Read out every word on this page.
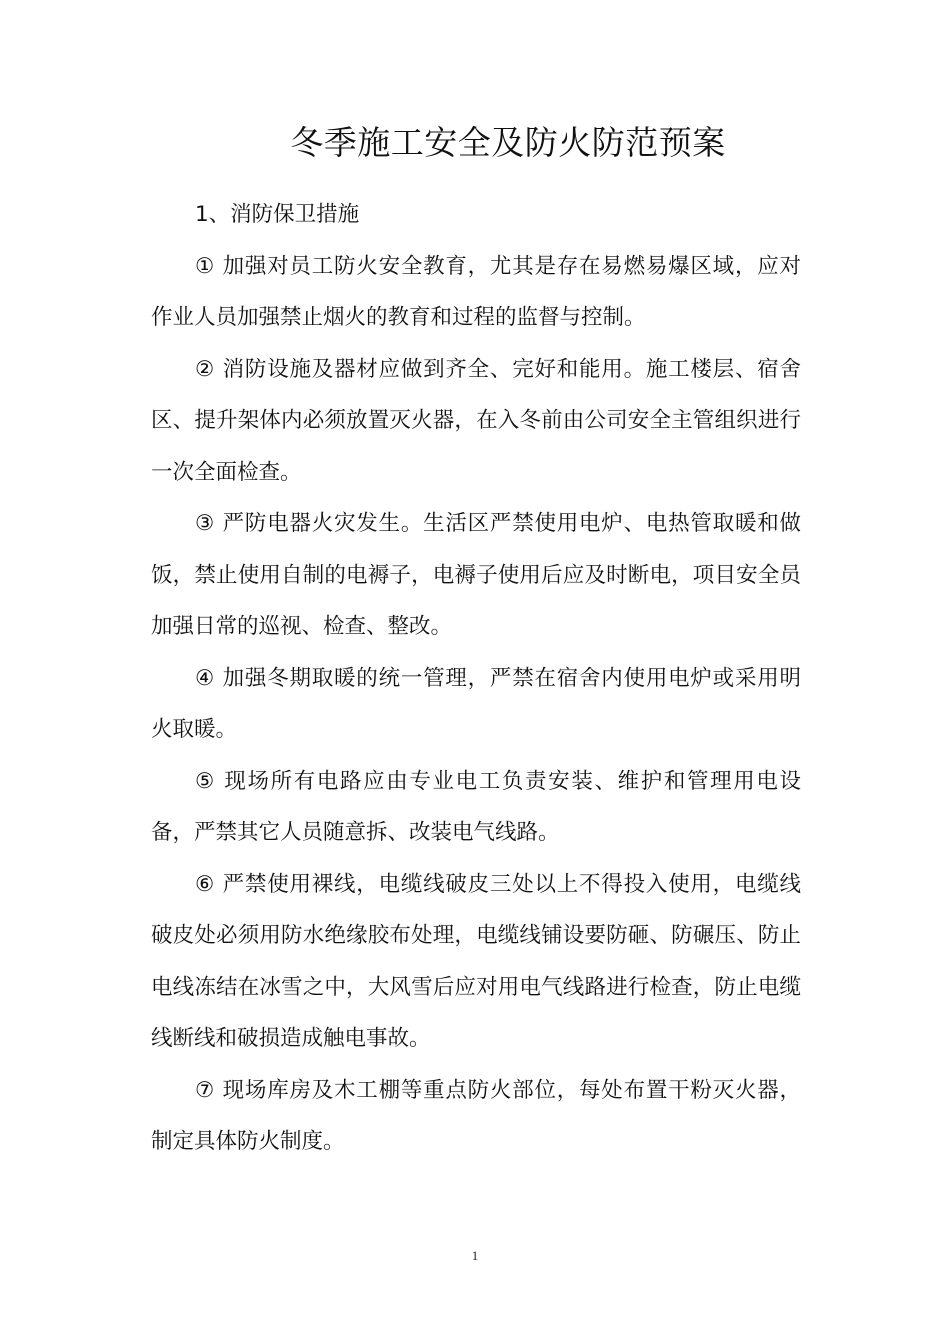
冬季施工安全及防火防范预案

1、消防保卫措施

① 加强对员工防火安全教育，尤其是存在易燃易爆区域，应对作业人员加强禁止烟火的教育和过程的监督与控制。

② 消防设施及器材应做到齐全、完好和能用。施工楼层、宿舍区、提升架体内必须放置灭火器，在入冬前由公司安全主管组织进行一次全面检查。

③ 严防电器火灾发生。生活区严禁使用电炉、电热管取暖和做饭，禁止使用自制的电褥子，电褥子使用后应及时断电，项目安全员加强日常的巡视、检查、整改。

④ 加强冬期取暖的统一管理，严禁在宿舍内使用电炉或采用明火取暖。

⑤ 现场所有电路应由专业电工负责安装、维护和管理用电设备，严禁其它人员随意拆、改装电气线路。

⑥ 严禁使用裸线，电缆线破皮三处以上不得投入使用，电缆线破皮处必须用防水绝缘胶布处理，电缆线铺设要防砸、防碾压、防止电线冻结在冰雪之中，大风雪后应对用电气线路进行检查，防止电缆线断线和破损造成触电事故。

⑦ 现场库房及木工棚等重点防火部位，每处布置干粉灭火器，制定具体防火制度。

1
